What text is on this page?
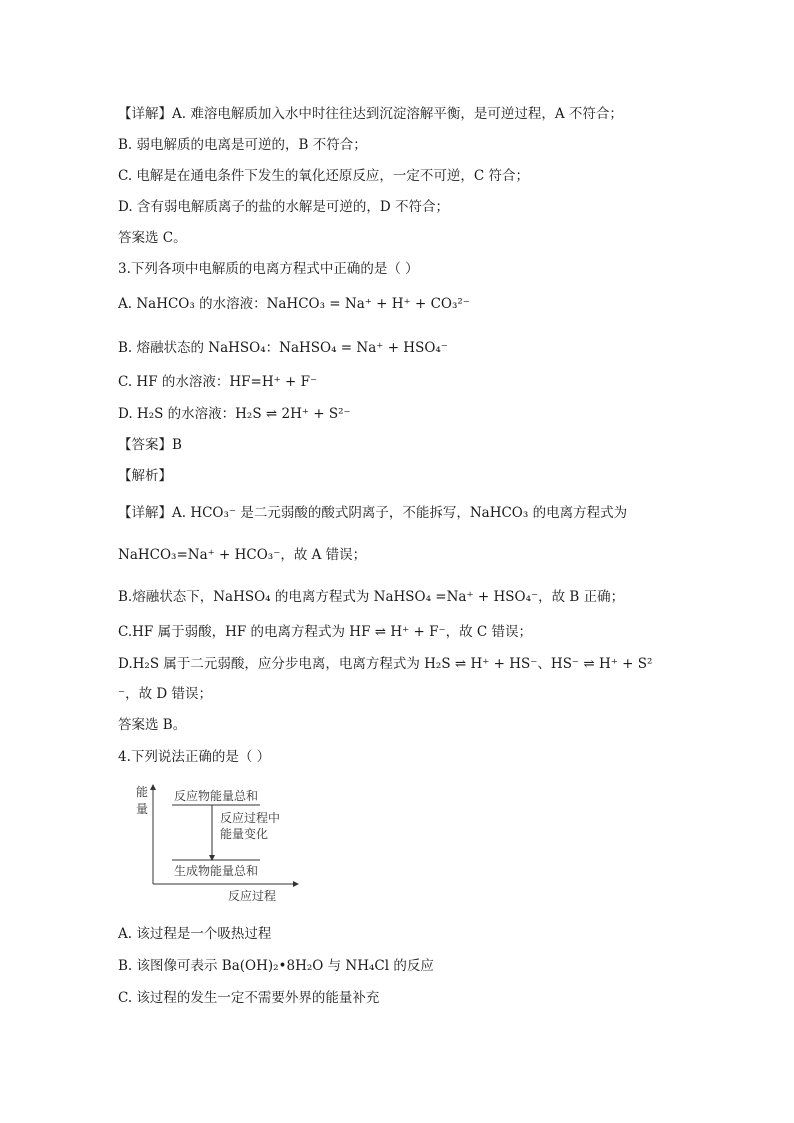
【详解】A. 难溶电解质加入水中时往往达到沉淀溶解平衡，是可逆过程，A 不符合；
B. 弱电解质的电离是可逆的，B 不符合；
C. 电解是在通电条件下发生的氧化还原反应，一定不可逆，C 符合；
D. 含有弱电解质离子的盐的水解是可逆的，D 不符合；
答案选 C。
3.下列各项中电解质的电离方程式中正确的是（ ）
A. NaHCO₃ 的水溶液：NaHCO₃ = Na⁺ + H⁺ + CO₃²⁻
B. 熔融状态的 NaHSO₄：NaHSO₄ = Na⁺ + HSO₄⁻
C. HF 的水溶液：HF=H⁺ + F⁻
D. H₂S 的水溶液：H₂S ⇌ 2H⁺ + S²⁻
【答案】B
【解析】
【详解】A. HCO₃⁻ 是二元弱酸的酸式阴离子，不能拆写，NaHCO₃ 的电离方程式为
NaHCO₃=Na⁺ + HCO₃⁻，故 A 错误；
B.熔融状态下，NaHSO₄ 的电离方程式为 NaHSO₄ =Na⁺ + HSO₄⁻，故 B 正确；
C.HF 属于弱酸，HF 的电离方程式为 HF ⇌ H⁺ + F⁻，故 C 错误；
D.H₂S 属于二元弱酸，应分步电离，电离方程式为 H₂S ⇌ H⁺ + HS⁻、HS⁻ ⇌ H⁺ + S²
⁻，故 D 错误；
答案选 B。
4.下列说法正确的是（ ）
能
量
反应物能量总和
反应过程中
能量变化
生成物能量总和
反应过程
A. 该过程是一个吸热过程
B. 该图像可表示 Ba(OH)₂•8H₂O 与 NH₄Cl 的反应
C. 该过程的发生一定不需要外界的能量补充
